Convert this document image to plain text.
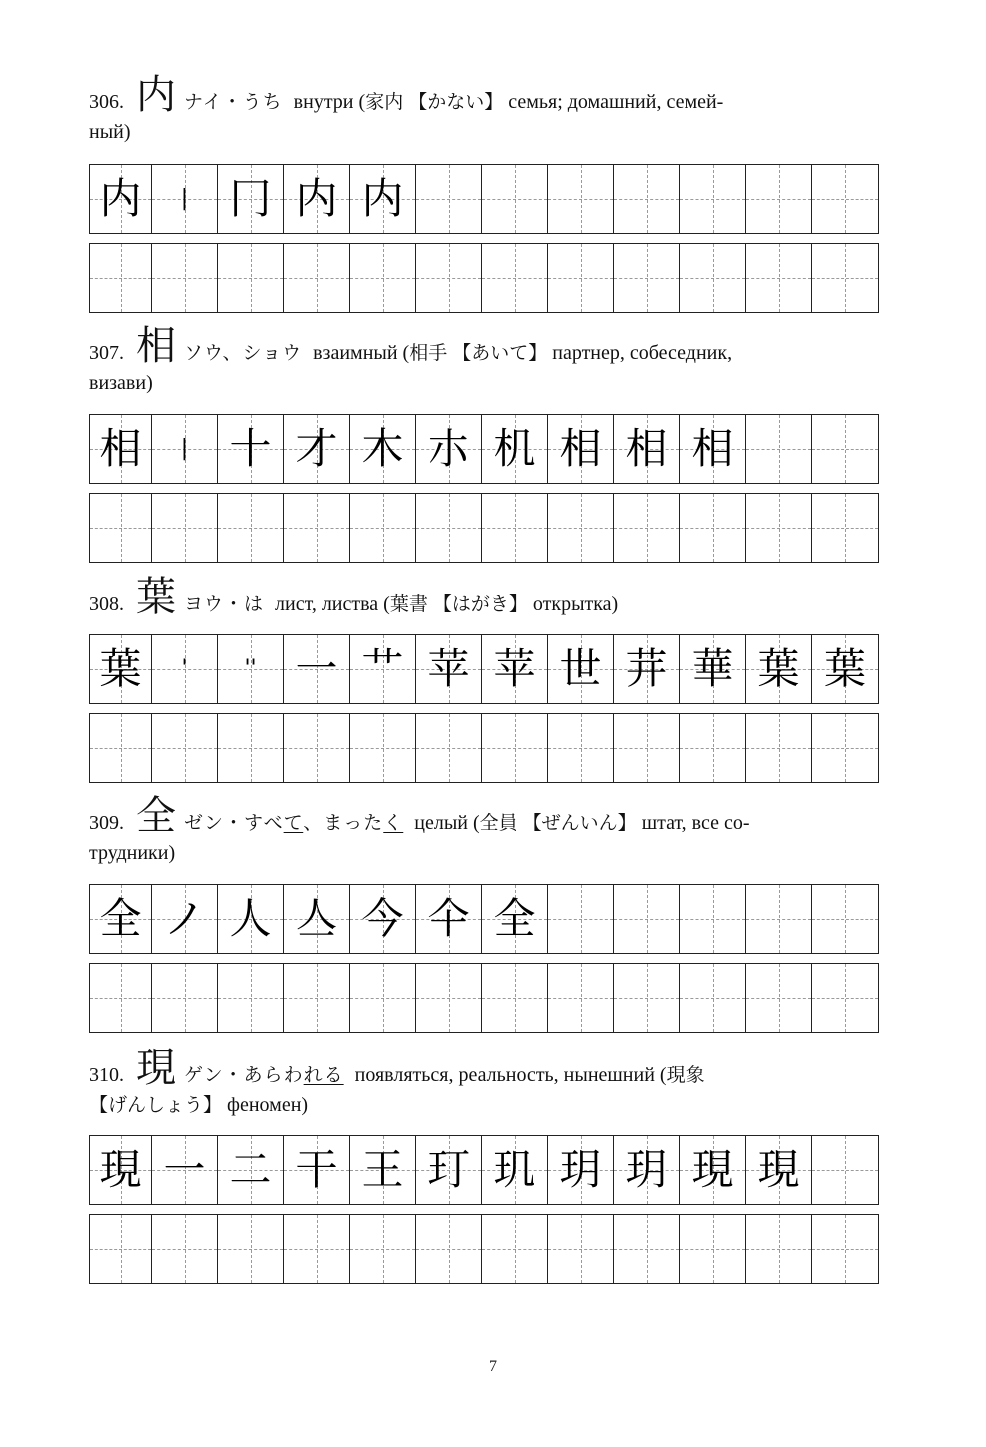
306. 内 ナイ・うち внутри (家内 【かない】 семья; домашний, семей-
ный)
内	| 冂 内 内
307. 相 ソウ、ショウ взаимный (相手 【あいて】 партнер, собеседник,
визави)
相	| 十 才 木 朩 机 相 相 相
308. 葉 ヨウ・は лист, листва (葉書 【はがき】 открытка)
葉	'	'' 一 艹 苹 苹 世 茾 華 葉 葉
309. 全 ゼン・すべて、まったく целый (全員 【ぜんいん】 штат, все со-
трудники)
全 ノ 人 亼 今 仐 全
310. 現 ゲン・あらわれる появляться, реальность, нынешний (現象
【げんしょう】 феномен)
現 一 二 干 王 玎 玑 玥 玥 現 現
7
